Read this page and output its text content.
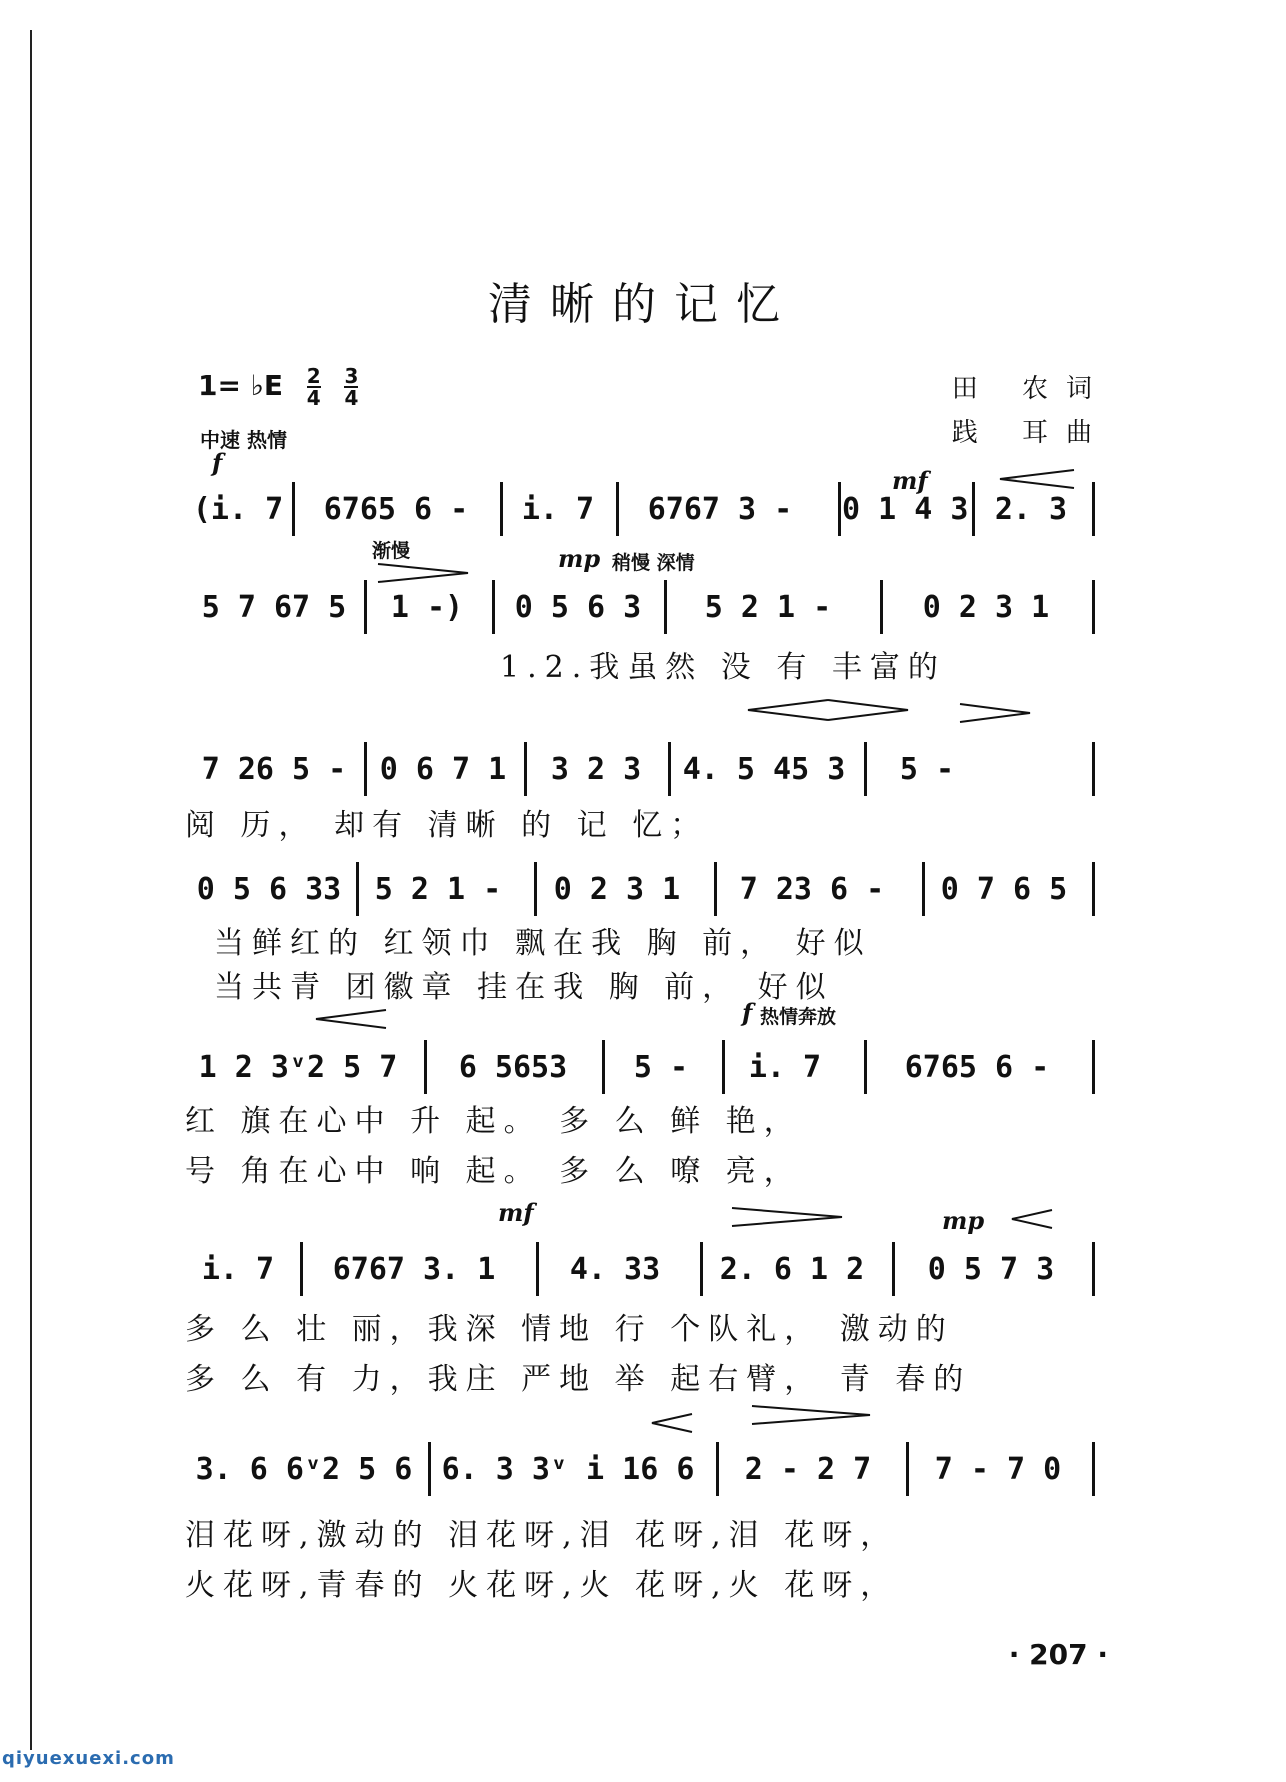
清晰的记忆
1= ♭E $\frac{2}{4}$
$\frac{3}{4}$	田 农词
践 耳曲
中速 热情
f
mf
渐慢	mp 稍慢 深情
f 热情奔放
mf	mp
(i. 7	6765 6 -	i. 7	6767 3 -	0 1 4 3 2. 3
5 7 67 5	1 -)	0 5 6 3	5 2 1 -	0 2 3 1
1.2.我虽然 没 有 丰富的
7 26 5 -	0 6 7 1	3 2 3	4. 5 45 3	5 -
阅 历， 却有 清晰 的 记 忆；
0 5 6 33	5 2 1 -	0 2 3 1	7 23 6 -	0 7 6 5
当鲜红的 红领巾 飘在我 胸 前， 好似
当共青 团徽章 挂在我 胸 前， 好似
1 2 3ᵛ2 5 7	6 5653	5 -	i. 7	6765 6 -
红 旗在心中 升 起。 多 么 鲜 艳，
号 角在心中 响 起。 多 么 嘹 亮，
i. 7	6767 3. 1	4. 33	2. 6 1 2	0 5 7 3
多 么 壮 丽，我深 情地 行 个队礼， 激动的
多 么 有 力，我庄 严地 举 起右臂， 青 春的
3. 6 6ᵛ2 5 6 6. 3 3ᵛ i 16 6	2 - 2 7	7 - 7 0
泪花呀,激动的 泪花呀,泪 花呀,泪 花呀，
火花呀,青春的 火花呀,火 花呀,火 花呀，
· 207 ·
qiyuexuexi.com
